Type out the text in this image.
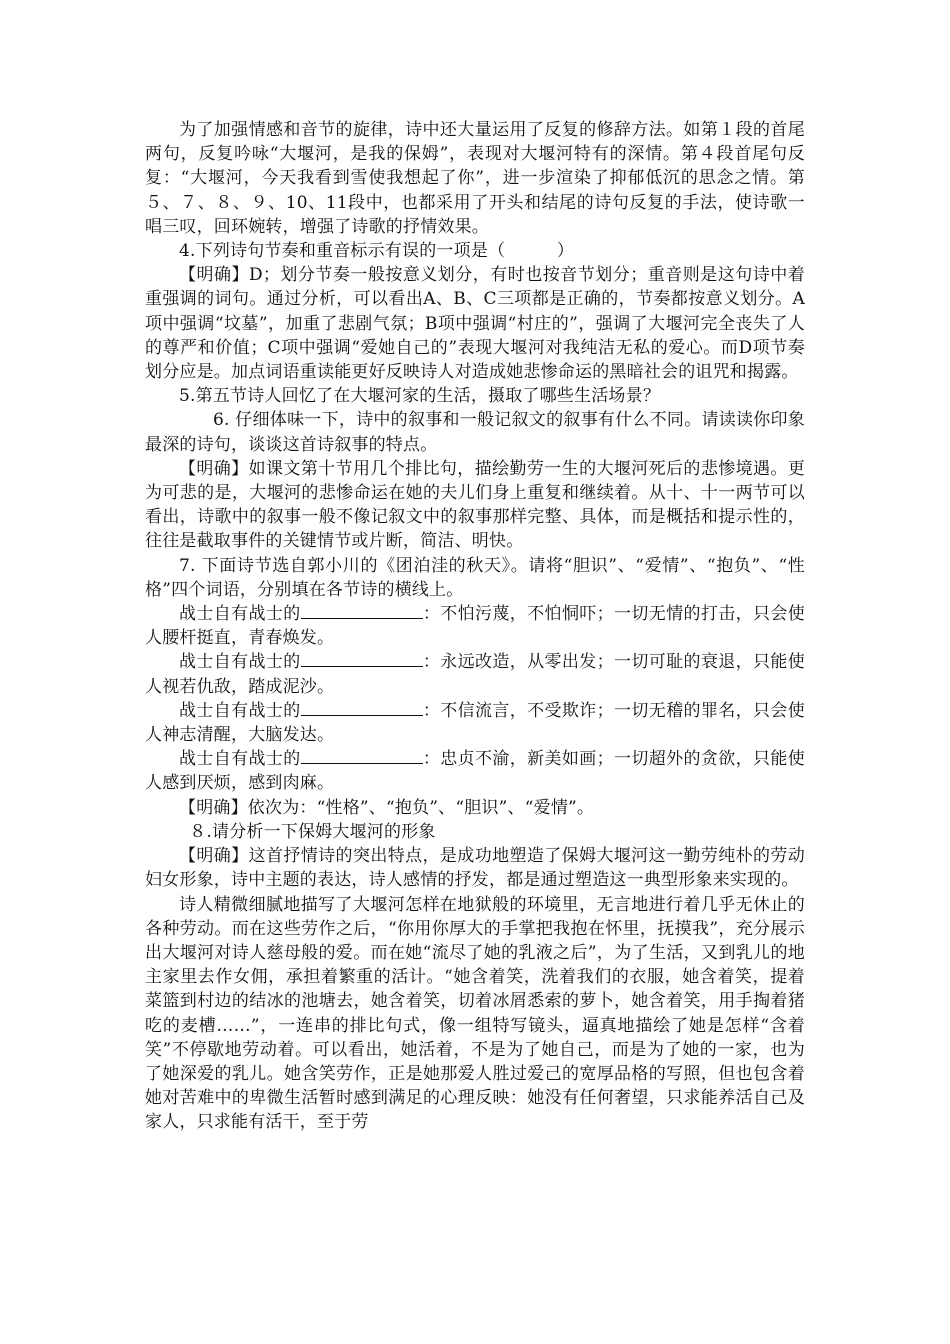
为了加强情感和音节的旋律，诗中还大量运用了反复的修辞方法。如第１段的首尾两句，反复吟咏“大堰河，是我的保姆”，表现对大堰河特有的深情。第４段首尾句反复：“大堰河，今天我看到雪使我想起了你”，进一步渲染了抑郁低沉的思念之情。第５、７、８、９、10、11段中，也都采用了开头和结尾的诗句反复的手法，使诗歌一唱三叹，回环婉转，增强了诗歌的抒情效果。

4.下列诗句节奏和重音标示有误的一项是（　　　）

【明确】D；划分节奏一般按意义划分，有时也按音节划分；重音则是这句诗中着重强调的词句。通过分析，可以看出A、B、C三项都是正确的，节奏都按意义划分。A项中强调“坟墓”，加重了悲剧气氛；B项中强调“村庄的”，强调了大堰河完全丧失了人的尊严和价值；C项中强调“爱她自己的”表现大堰河对我纯洁无私的爱心。而D项节奏划分应是。加点词语重读能更好反映诗人对造成她悲惨命运的黑暗社会的诅咒和揭露。

5.第五节诗人回忆了在大堰河家的生活，摄取了哪些生活场景？

6. 仔细体味一下，诗中的叙事和一般记叙文的叙事有什么不同。请读读你印象最深的诗句，谈谈这首诗叙事的特点。

【明确】如课文第十节用几个排比句，描绘勤劳一生的大堰河死后的悲惨境遇。更为可悲的是，大堰河的悲惨命运在她的夫儿们身上重复和继续着。从十、十一两节可以看出，诗歌中的叙事一般不像记叙文中的叙事那样完整、具体，而是概括和提示性的，往往是截取事件的关键情节或片断，简洁、明快。

7. 下面诗节选自郭小川的《团泊洼的秋天》。请将“胆识”、“爱情”、“抱负”、“性格”四个词语，分别填在各节诗的横线上。

战士自有战士的	：不怕污蔑，不怕恫吓；一切无情的打击，只会使人腰杆挺直，青春焕发。

战士自有战士的	：永远改造，从零出发；一切可耻的衰退，只能使人视若仇敌，踏成泥沙。

战士自有战士的	：不信流言，不受欺诈；一切无稽的罪名，只会使人神志清醒，大脑发达。

战士自有战士的	：忠贞不渝，新美如画；一切超外的贪欲，只能使人感到厌烦，感到肉麻。

【明确】依次为：“性格”、“抱负”、“胆识”、“爱情”。

８.请分析一下保姆大堰河的形象

【明确】这首抒情诗的突出特点，是成功地塑造了保姆大堰河这一勤劳纯朴的劳动妇女形象，诗中主题的表达，诗人感情的抒发，都是通过塑造这一典型形象来实现的。

诗人精微细腻地描写了大堰河怎样在地狱般的环境里，无言地进行着几乎无休止的各种劳动。而在这些劳作之后，“你用你厚大的手掌把我抱在怀里，抚摸我”，充分展示出大堰河对诗人慈母般的爱。而在她“流尽了她的乳液之后”，为了生活，又到乳儿的地主家里去作女佣，承担着繁重的活计。“她含着笑，洗着我们的衣服，她含着笑，提着菜篮到村边的结冰的池塘去，她含着笑，切着冰屑悉索的萝卜，她含着笑，用手掏着猪吃的麦槽……”，一连串的排比句式，像一组特写镜头，逼真地描绘了她是怎样“含着笑”不停歇地劳动着。可以看出，她活着，不是为了她自己，而是为了她的一家，也为了她深爱的乳儿。她含笑劳作，正是她那爱人胜过爱己的宽厚品格的写照，但也包含着她对苦难中的卑微生活暂时感到满足的心理反映：她没有任何奢望，只求能养活自己及家人，只求能有活干，至于劳
